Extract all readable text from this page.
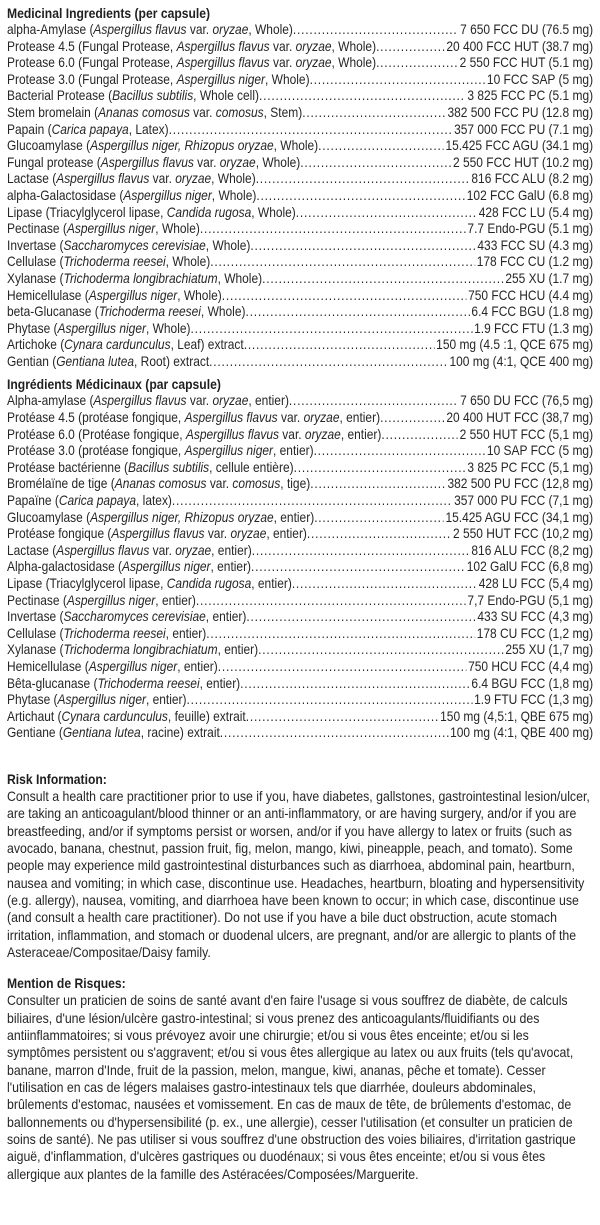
Medicinal Ingredients (per capsule)
alpha-Amylase (Aspergillus flavus var. oryzae, Whole) .....	7 650 FCC DU (76.5 mg)
Protease 4.5 (Fungal Protease, Aspergillus flavus var. oryzae, Whole) .....	20 400 FCC HUT (38.7 mg)
Protease 6.0 (Fungal Protease, Aspergillus flavus var. oryzae, Whole) .....	2 550 FCC HUT (5.1 mg)
Protease 3.0 (Fungal Protease, Aspergillus niger, Whole) .....	10 FCC SAP (5 mg)
Bacterial Protease (Bacillus subtilis, Whole cell) .....	3 825 FCC PC (5.1 mg)
Stem bromelain (Ananas comosus var. comosus, Stem) .....	382 500 FCC PU (12.8 mg)
Papain (Carica papaya, Latex) .....	357 000 FCC PU (7.1 mg)
Glucoamylase (Aspergillus niger, Rhizopus oryzae, Whole) .....	15.425 FCC AGU (34.1 mg)
Fungal protease (Aspergillus flavus var. oryzae, Whole) .....	2 550 FCC HUT (10.2 mg)
Lactase (Aspergillus flavus var. oryzae, Whole) .....	816 FCC ALU (8.2 mg)
alpha-Galactosidase (Aspergillus niger, Whole) .....	102 FCC GalU (6.8 mg)
Lipase (Triacylglycerol lipase, Candida rugosa, Whole) .....	428 FCC LU (5.4 mg)
Pectinase (Aspergillus niger, Whole) .....	7.7 Endo-PGU (5.1 mg)
Invertase (Saccharomyces cerevisiae, Whole) .....	433 FCC SU (4.3 mg)
Cellulase (Trichoderma reesei, Whole) .....	178 FCC CU (1.2 mg)
Xylanase (Trichoderma longibrachiatum, Whole) .....	255 XU (1.7 mg)
Hemicellulase (Aspergillus niger, Whole) .....	750 FCC HCU (4.4 mg)
beta-Glucanase (Trichoderma reesei, Whole) .....	6.4 FCC BGU (1.8 mg)
Phytase (Aspergillus niger, Whole) .....	1.9 FCC FTU (1.3 mg)
Artichoke (Cynara cardunculus, Leaf) extract .....	150 mg (4.5 :1, QCE 675 mg)
Gentian (Gentiana lutea, Root) extract .....	100 mg (4:1, QCE 400 mg)
Ingrédients Médicinaux (par capsule)
Alpha-amylase (Aspergillus flavus var. oryzae, entier) .....	7 650 DU FCC (76,5 mg)
Protéase 4.5 (protéase fongique, Aspergillus flavus var. oryzae, entier) .....	20 400 HUT FCC (38,7 mg)
Protéase 6.0 (Protéase fongique, Aspergillus flavus var. oryzae, entier) .....	2 550 HUT FCC (5,1 mg)
Protéase 3.0 (protéase fongique, Aspergillus niger, entier) .....	10 SAP FCC (5 mg)
Protéase bactérienne (Bacillus subtilis, cellule entière) .....	3 825 PC FCC (5,1 mg)
Bromélaïne de tige (Ananas comosus var. comosus, tige) .....	382 500 PU FCC (12,8 mg)
Papaïne (Carica papaya, latex) .....	357 000 PU FCC (7,1 mg)
Glucoamylase (Aspergillus niger, Rhizopus oryzae, entier) .....	15.425 AGU FCC (34,1 mg)
Protéase fongique (Aspergillus flavus var. oryzae, entier) .....	2 550 HUT FCC (10,2 mg)
Lactase (Aspergillus flavus var. oryzae, entier) .....	816 ALU FCC (8,2 mg)
Alpha-galactosidase (Aspergillus niger, entier) .....	102 GalU FCC (6,8 mg)
Lipase (Triacylglycerol lipase, Candida rugosa, entier) .....	428 LU FCC (5,4 mg)
Pectinase (Aspergillus niger, entier) .....	7,7 Endo-PGU (5,1 mg)
Invertase (Saccharomyces cerevisiae, entier) .....	433 SU FCC (4,3 mg)
Cellulase (Trichoderma reesei, entier) .....	178 CU FCC (1,2 mg)
Xylanase (Trichoderma longibrachiatum, entier) .....	255 XU (1,7 mg)
Hemicellulase (Aspergillus niger, entier) .....	750 HCU FCC (4,4 mg)
Bêta-glucanase (Trichoderma reesei, entier) .....	6.4 BGU FCC (1,8 mg)
Phytase (Aspergillus niger, entier) .....	1.9 FTU FCC (1,3 mg)
Artichaut (Cynara cardunculus, feuille) extrait .....	150 mg (4,5:1, QBE 675 mg)
Gentiane (Gentiana lutea, racine) extrait .....	100 mg (4:1, QBE 400 mg)
Risk Information:

Consult a health care practitioner prior to use if you, have diabetes, gallstones, gastrointestinal lesion/ulcer, are taking an anticoagulant/blood thinner or an anti-inflammatory, or are having surgery, and/or if you are breastfeeding, and/or if symptoms persist or worsen, and/or if you have allergy to latex or fruits (such as avocado, banana, chestnut, passion fruit, fig, melon, mango, kiwi, pineapple, peach, and tomato). Some people may experience mild gastrointestinal disturbances such as diarrhoea, abdominal pain, heartburn, nausea and vomiting; in which case, discontinue use. Headaches, heartburn, bloating and hypersensitivity (e.g. allergy), nausea, vomiting, and diarrhoea have been known to occur; in which case, discontinue use (and consult a health care practitioner). Do not use if you have a bile duct obstruction, acute stomach irritation, inflammation, and stomach or duodenal ulcers, are pregnant, and/or are allergic to plants of the Asteraceae/Compositae/Daisy family.

Mention de Risques:

Consulter un praticien de soins de santé avant d'en faire l'usage si vous souffrez de diabète, de calculs biliaires, d'une lésion/ulcère gastro-intestinal; si vous prenez des anticoagulants/fluidifiants ou des antiinflammatoires; si vous prévoyez avoir une chirurgie; et/ou si vous êtes enceinte; et/ou si les symptômes persistent ou s'aggravent; et/ou si vous êtes allergique au latex ou aux fruits (tels qu'avocat, banane, marron d'Inde, fruit de la passion, melon, mangue, kiwi, ananas, pêche et tomate). Cesser l'utilisation en cas de légers malaises gastro-intestinaux tels que diarrhée, douleurs abdominales, brûlements d'estomac, nausées et vomissement. En cas de maux de tête, de brûlements d'estomac, de ballonnements ou d'hypersensibilité (p. ex., une allergie), cesser l'utilisation (et consulter un praticien de soins de santé). Ne pas utiliser si vous souffrez d'une obstruction des voies biliaires, d'irritation gastrique aiguë, d'inflammation, d'ulcères gastriques ou duodénaux; si vous êtes enceinte; et/ou si vous êtes allergique aux plantes de la famille des Astéracées/Composées/Marguerite.
